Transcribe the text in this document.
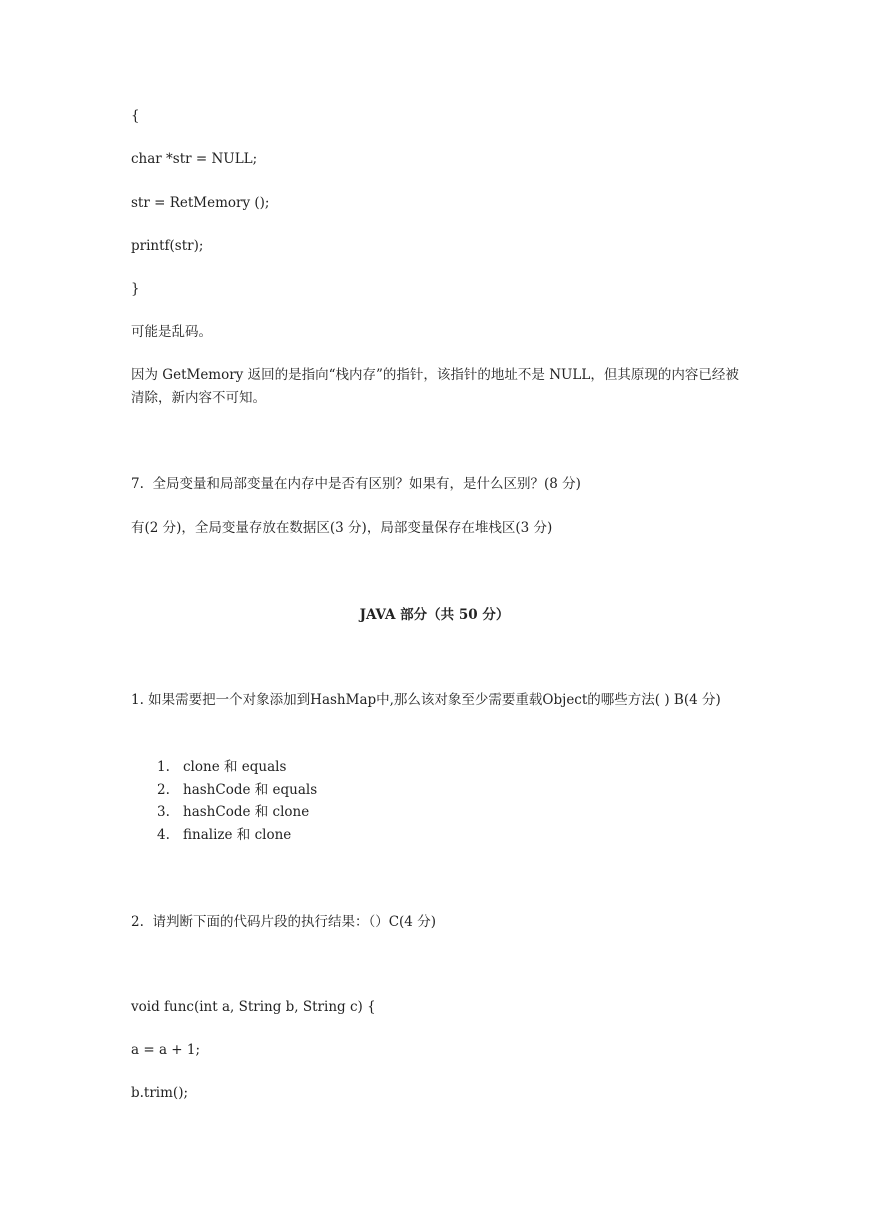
{
char *str = NULL;
str = RetMemory ();
printf(str);
}
可能是乱码。
因为 GetMemory 返回的是指向“栈内存”的指针，该指针的地址不是 NULL，但其原现的内容已经被清除，新内容不可知。
7.  全局变量和局部变量在内存中是否有区别？如果有，是什么区别？(8 分)
有(2 分)，全局变量存放在数据区(3 分)，局部变量保存在堆栈区(3 分)
JAVA 部分（共 50 分）
1. 如果需要把一个对象添加到HashMap中,那么该对象至少需要重载Object的哪些方法( ) B(4 分)
1. clone 和 equals
2. hashCode 和 equals
3. hashCode 和 clone
4. finalize 和 clone
2.  请判断下面的代码片段的执行结果：（）C(4 分)
void func(int a, String b, String c) {
a = a + 1;
b.trim();
